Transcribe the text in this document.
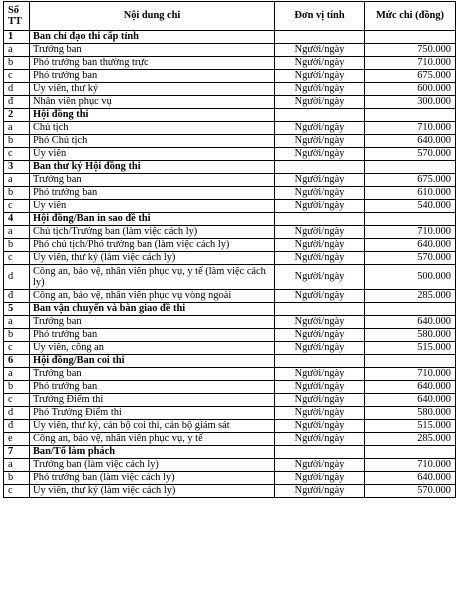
Số TT	Nội dung chi	Đơn vị tính	Mức chi (đồng)
1	Ban chỉ đạo thi cấp tỉnh		
a	Trưởng ban	Người/ngày	750.000
b	Phó trưởng ban thường trực	Người/ngày	710.000
c	Phó trưởng ban	Người/ngày	675.000
d	Ủy viên, thư ký	Người/ngày	600.000
đ	Nhân viên phục vụ	Người/ngày	300.000
2	Hội đồng thi		
a	Chủ tịch	Người/ngày	710.000
b	Phó Chủ tịch	Người/ngày	640.000
c	Ủy viên	Người/ngày	570.000
3	Ban thư ký Hội đồng thi		
a	Trưởng ban	Người/ngày	675.000
b	Phó trưởng ban	Người/ngày	610.000
c	Ủy viên	Người/ngày	540.000
4	Hội đồng/Ban in sao đề thi		
a	Chủ tịch/Trưởng ban (làm việc cách ly)	Người/ngày	710.000
b	Phó chủ tịch/Phó trưởng ban (làm việc cách ly)	Người/ngày	640.000
c	Ủy viên, thư ký (làm việc cách ly)	Người/ngày	570.000
d	Công an, bảo vệ, nhân viên phục vụ, y tế (làm việc cách ly)	Người/ngày	500.000
đ	Công an, bảo vệ, nhân viên phục vụ vòng ngoài	Người/ngày	285.000
5	Ban vận chuyển và bàn giao đề thi		
a	Trưởng ban	Người/ngày	640.000
b	Phó trưởng ban	Người/ngày	580.000
c	Ủy viên, công an	Người/ngày	515.000
6	Hội đồng/Ban coi thi		
a	Trưởng ban	Người/ngày	710.000
b	Phó trưởng ban	Người/ngày	640.000
c	Trưởng Điểm thi	Người/ngày	640.000
d	Phó Trưởng Điểm thi	Người/ngày	580.000
đ	Ủy viên, thư ký, cán bộ coi thi, cán bộ giám sát	Người/ngày	515.000
e	Công an, bảo vệ, nhân viên phục vụ, y tế	Người/ngày	285.000
7	Ban/Tổ làm phách		
a	Trưởng ban (làm việc cách ly)	Người/ngày	710.000
b	Phó trưởng ban (làm việc cách ly)	Người/ngày	640.000
c	Ủy viên, thư ký (làm việc cách ly)	Người/ngày	570.000
